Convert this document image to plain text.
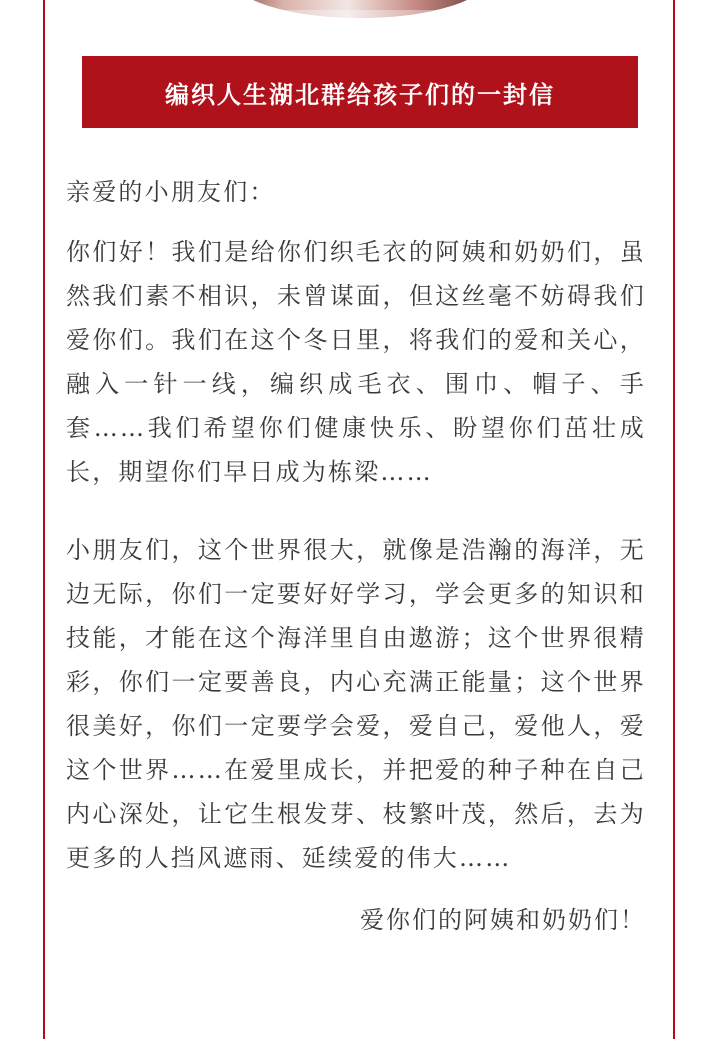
编织人生湖北群给孩子们的一封信

亲爱的小朋友们：

你们好！我们是给你们织毛衣的阿姨和奶奶们，虽然我们素不相识，未曾谋面，但这丝毫不妨碍我们爱你们。我们在这个冬日里，将我们的爱和关心，融入一针一线，编织成毛衣、围巾、帽子、手套……我们希望你们健康快乐、盼望你们茁壮成长，期望你们早日成为栋梁……

小朋友们，这个世界很大，就像是浩瀚的海洋，无边无际，你们一定要好好学习，学会更多的知识和技能，才能在这个海洋里自由遨游；这个世界很精彩，你们一定要善良，内心充满正能量；这个世界很美好，你们一定要学会爱，爱自己，爱他人，爱这个世界……在爱里成长，并把爱的种子种在自己内心深处，让它生根发芽、枝繁叶茂，然后，去为更多的人挡风遮雨、延续爱的伟大……

爱你们的阿姨和奶奶们！
